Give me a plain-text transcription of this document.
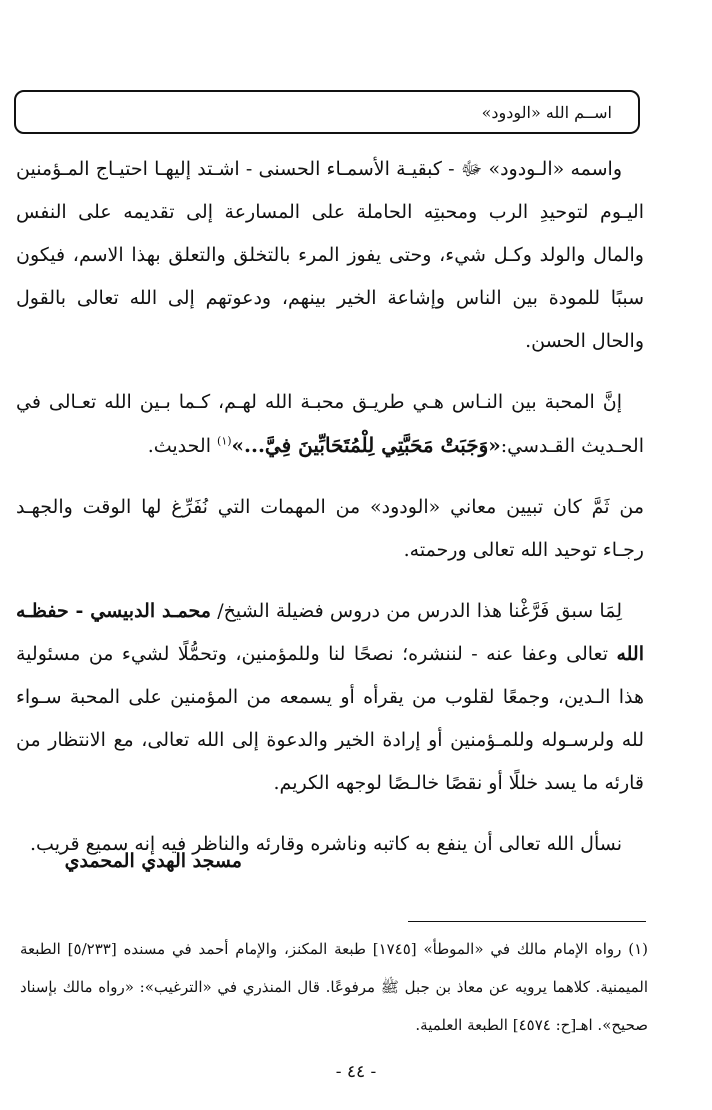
اســم الله «الودود»

واسمه «الـودود» ﷻ - كبقيـة الأسمـاء الحسنى - اشـتد إليهـا احتيـاج المـؤمنين اليـوم لتوحيدِ الرب ومحبتِه الحاملة على المسارعة إلى تقديمه على النفس والمال والولد وكـل شيء، وحتى يفوز المرء بالتخلق والتعلق بهذا الاسم، فيكون سببًا للمودة بين الناس وإشاعة الخير بينهم، ودعوتهم إلى الله تعالى بالقول والحال الحسن.

إنَّ المحبة بين النـاس هـي طريـق محبـة الله لهـم، كـما بـين الله تعـالى في الحـديث القـدسي:«وَجَبَتْ مَحَبَّتِي لِلْمُتَحَابِّينَ فِيَّ...»$^{(١)}$ الحديث.

من ثَمَّ كان تبيين معاني «الودود» من المهمات التي نُفَرِّغ لها الوقت والجهـد رجـاء توحيد الله تعالى ورحمته.

لِمَا سبق فَرَّغْنا هذا الدرس من دروس فضيلة الشيخ/ محمـد الدبيسي - حفظـه الله تعالى وعفا عنه - لننشره؛ نصحًا لنا وللمؤمنين، وتحمُّلًا لشيء من مسئولية هذا الـدين، وجمعًا لقلوب من يقرأه أو يسمعه من المؤمنين على المحبة سـواء لله ولرسـوله وللمـؤمنين أو إرادة الخير والدعوة إلى الله تعالى، مع الانتظار من قارئه ما يسد خللًا أو نقصًا خالـصًا لوجهه الكريم.

نسأل الله تعالى أن ينفع به كاتبه وناشره وقارئه والناظر فيه إنه سميع قريب.

مسجد الهدي المحمدي
(١) رواه الإمام مالك في «الموطأ» [١٧٤٥] طبعة المكنز، والإمام أحمد في مسنده [٥/٢٣٣] الطبعة الميمنية. كلاهما يرويه عن معاذ بن جبل ﷺ مرفوعًا. قال المنذري في «الترغيب»: «رواه مالك بإسناد صحيح». اهـ[ح: ٤٥٧٤] الطبعة العلمية.
- ٤٤ -
